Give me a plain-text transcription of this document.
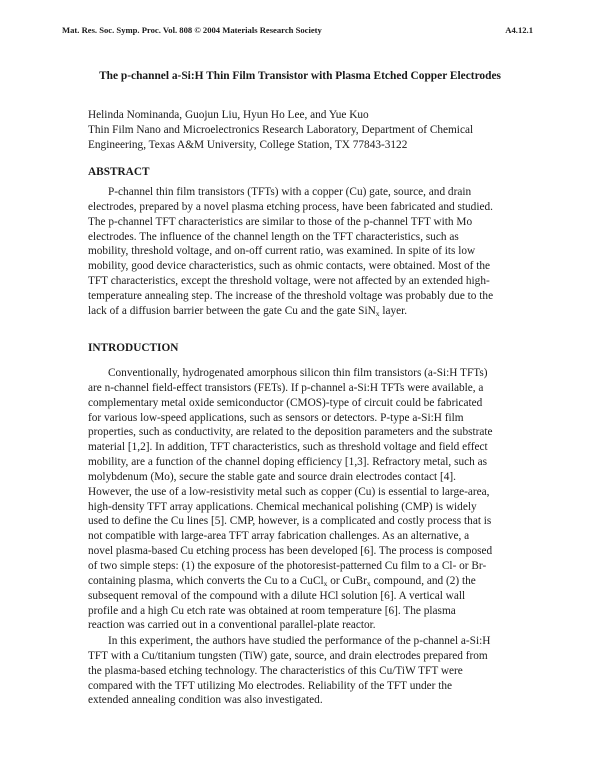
Mat. Res. Soc. Symp. Proc. Vol. 808 © 2004 Materials Research Society	A4.12.1
The p-channel a-Si:H Thin Film Transistor with Plasma Etched Copper Electrodes
Helinda Nominanda, Guojun Liu, Hyun Ho Lee, and Yue Kuo
Thin Film Nano and Microelectronics Research Laboratory, Department of Chemical
Engineering, Texas A&M University, College Station, TX 77843-3122
ABSTRACT
P-channel thin film transistors (TFTs) with a copper (Cu) gate, source, and drain
electrodes, prepared by a novel plasma etching process, have been fabricated and studied.
The p-channel TFT characteristics are similar to those of the p-channel TFT with Mo
electrodes. The influence of the channel length on the TFT characteristics, such as
mobility, threshold voltage, and on-off current ratio, was examined. In spite of its low
mobility, good device characteristics, such as ohmic contacts, were obtained. Most of the
TFT characteristics, except the threshold voltage, were not affected by an extended high-
temperature annealing step. The increase of the threshold voltage was probably due to the
lack of a diffusion barrier between the gate Cu and the gate SiN$_x$ layer.
INTRODUCTION
Conventionally, hydrogenated amorphous silicon thin film transistors (a-Si:H TFTs)
are n-channel field-effect transistors (FETs). If p-channel a-Si:H TFTs were available, a
complementary metal oxide semiconductor (CMOS)-type of circuit could be fabricated
for various low-speed applications, such as sensors or detectors. P-type a-Si:H film
properties, such as conductivity, are related to the deposition parameters and the substrate
material [1,2]. In addition, TFT characteristics, such as threshold voltage and field effect
mobility, are a function of the channel doping efficiency [1,3]. Refractory metal, such as
molybdenum (Mo), secure the stable gate and source drain electrodes contact [4].
However, the use of a low-resistivity metal such as copper (Cu) is essential to large-area,
high-density TFT array applications. Chemical mechanical polishing (CMP) is widely
used to define the Cu lines [5]. CMP, however, is a complicated and costly process that is
not compatible with large-area TFT array fabrication challenges. As an alternative, a
novel plasma-based Cu etching process has been developed [6]. The process is composed
of two simple steps: (1) the exposure of the photoresist-patterned Cu film to a Cl- or Br-
containing plasma, which converts the Cu to a CuCl$_x$ or CuBr$_x$ compound, and (2) the
subsequent removal of the compound with a dilute HCl solution [6]. A vertical wall
profile and a high Cu etch rate was obtained at room temperature [6]. The plasma
reaction was carried out in a conventional parallel-plate reactor.
In this experiment, the authors have studied the performance of the p-channel a-Si:H
TFT with a Cu/titanium tungsten (TiW) gate, source, and drain electrodes prepared from
the plasma-based etching technology. The characteristics of this Cu/TiW TFT were
compared with the TFT utilizing Mo electrodes. Reliability of the TFT under the
extended annealing condition was also investigated.
